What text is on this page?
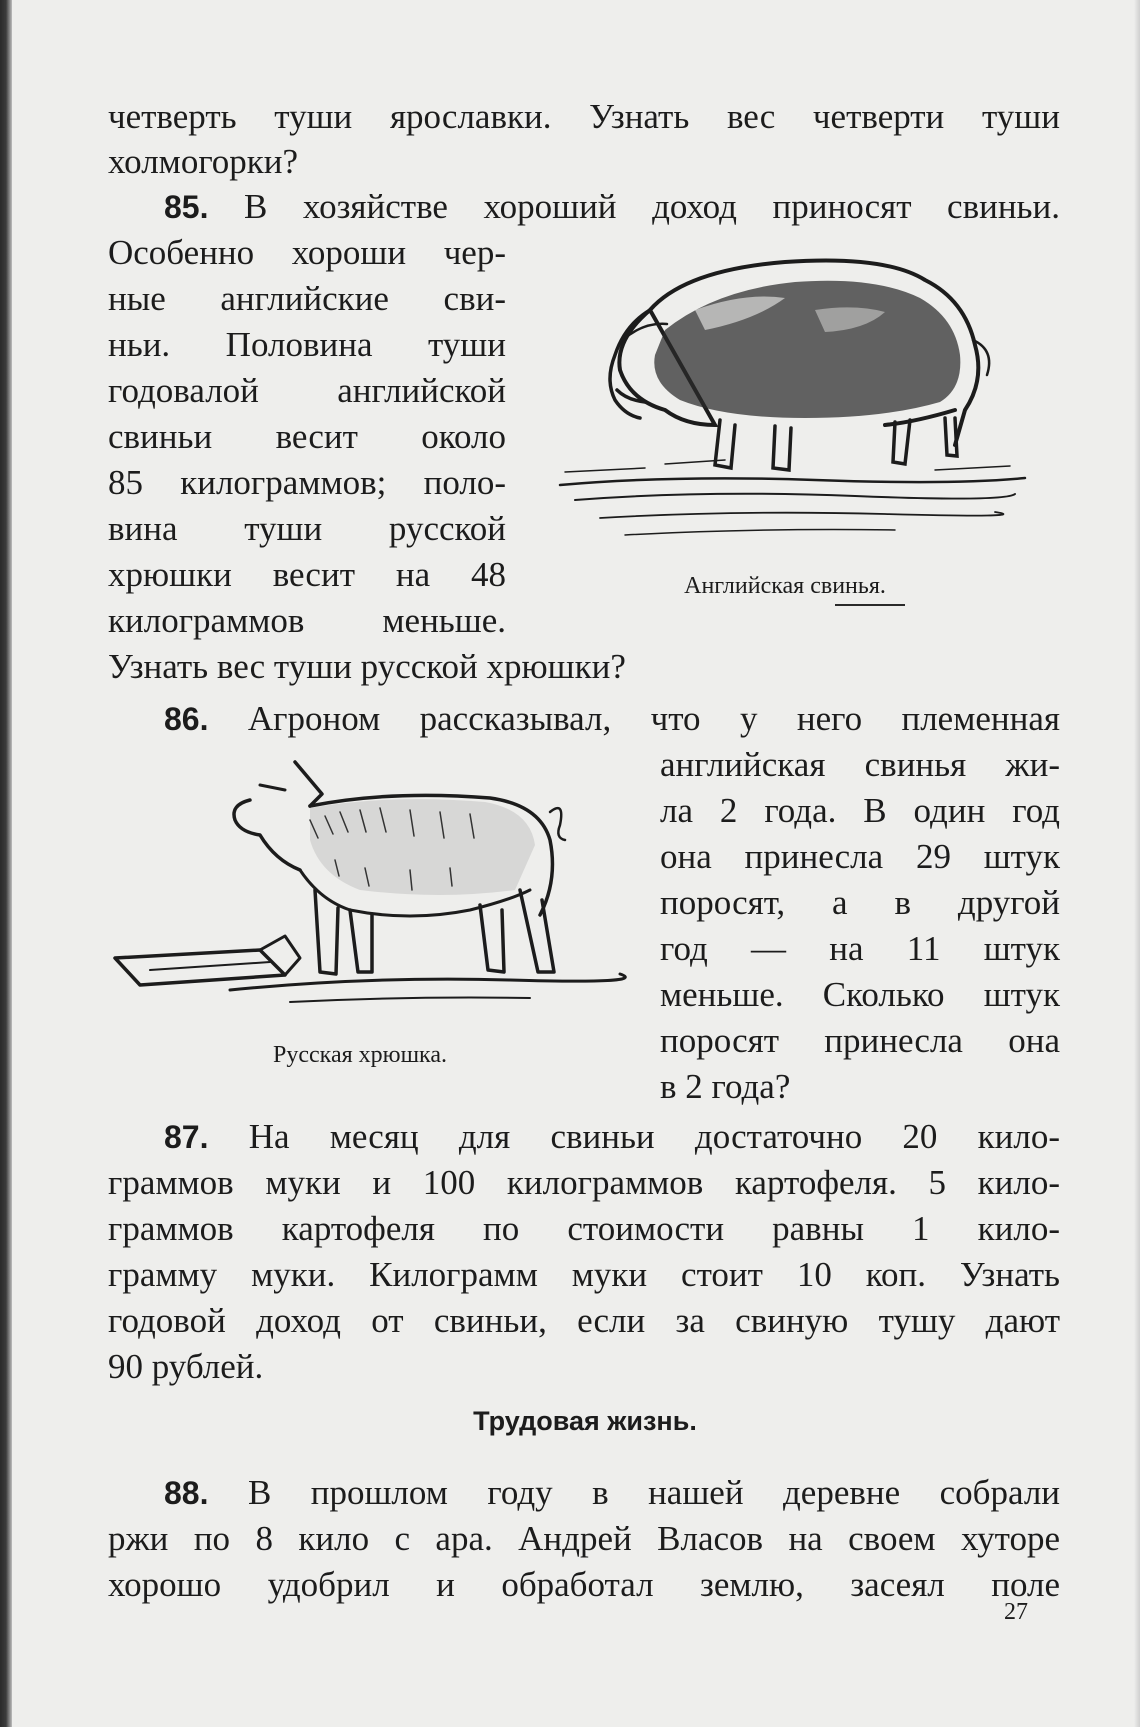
четверть туши ярославки. Узнать вес четверти туши

холмогорки?

85. В хозяйстве хороший доход приносят свиньи.

Особенно хороши чер-

ные английские сви-

ньи. Половина туши

годовалой английской

свиньи весит около

85 килограммов; поло-

вина туши русской

хрюшки весит на 48

килограммов меньше.

Узнать вес туши русской хрюшки?

Английская свинья.

86. Агроном рассказывал, что у него племенная

английская свинья жи-

ла 2 года. В один год

она принесла 29 штук

поросят, а в другой

год — на 11 штук

меньше. Сколько штук

поросят принесла она

в 2 года?

Русская хрюшка.

87. На месяц для свиньи достаточно 20 кило-

граммов муки и 100 килограммов картофеля. 5 кило-

граммов картофеля по стоимости равны 1 кило-

грамму муки. Килограмм муки стоит 10 коп. Узнать

годовой доход от свиньи, если за свиную тушу дают

90 рублей.

Трудовая жизнь.

88. В прошлом году в нашей деревне собрали

ржи по 8 кило с ара. Андрей Власов на своем хуторе

хорошо удобрил и обработал землю, засеял поле

27
